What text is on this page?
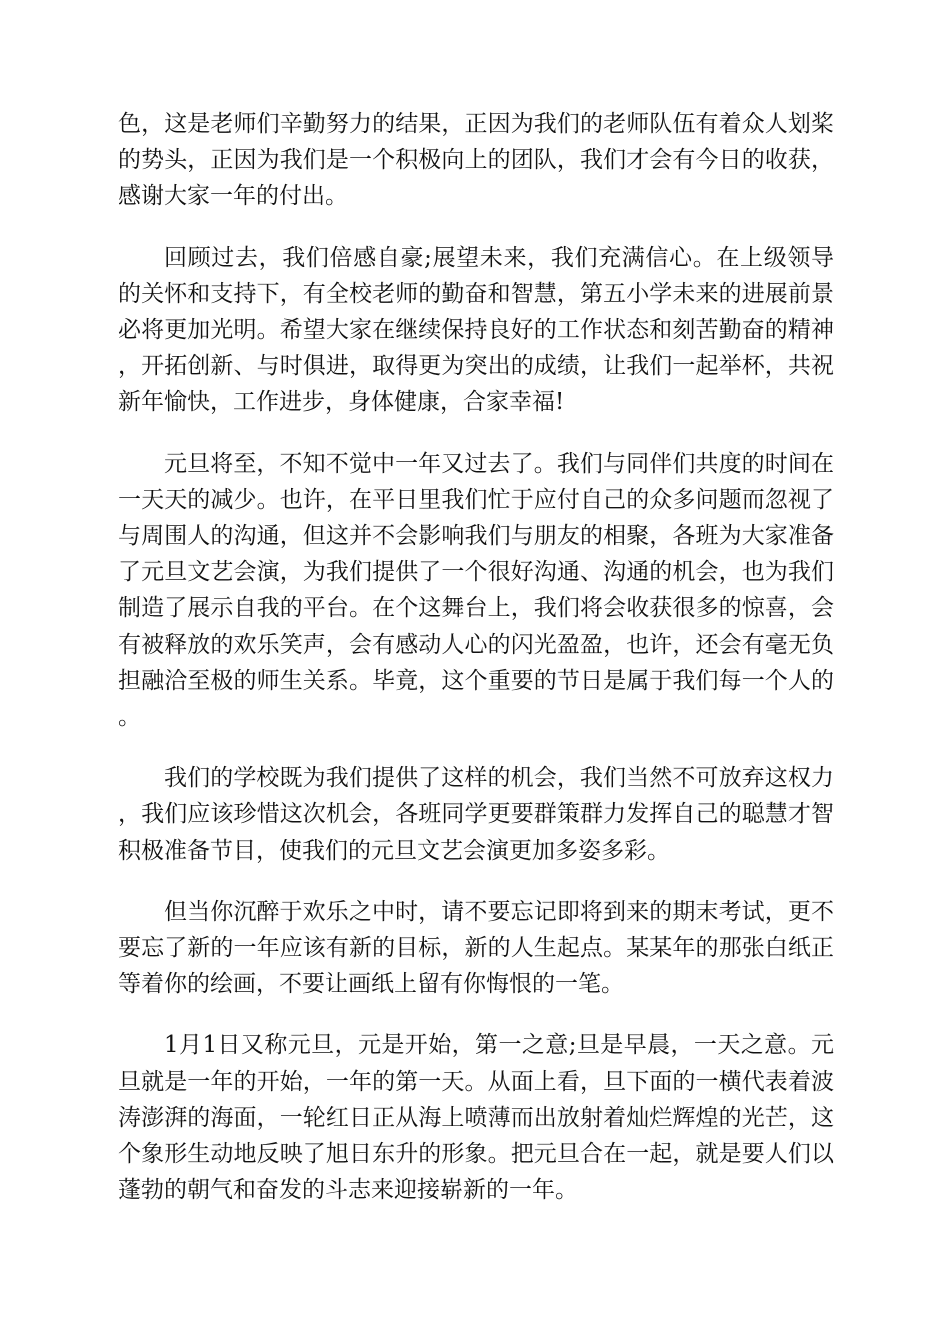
色，这是老师们辛勤努力的结果，正因为我们的老师队伍有着众人划桨的势头，正因为我们是一个积极向上的团队，我们才会有今日的收获，感谢大家一年的付出。

回顾过去，我们倍感自豪;展望未来，我们充满信心。在上级领导的关怀和支持下，有全校老师的勤奋和智慧，第五小学未来的进展前景必将更加光明。希望大家在继续保持良好的工作状态和刻苦勤奋的精神，开拓创新、与时俱进，取得更为突出的成绩，让我们一起举杯，共祝新年愉快，工作进步，身体健康，合家幸福!

元旦将至，不知不觉中一年又过去了。我们与同伴们共度的时间在一天天的减少。也许，在平日里我们忙于应付自己的众多问题而忽视了与周围人的沟通，但这并不会影响我们与朋友的相聚，各班为大家准备了元旦文艺会演，为我们提供了一个很好沟通、沟通的机会，也为我们制造了展示自我的平台。在个这舞台上，我们将会收获很多的惊喜，会有被释放的欢乐笑声，会有感动人心的闪光盈盈，也许，还会有毫无负担融洽至极的师生关系。毕竟，这个重要的节日是属于我们每一个人的。

我们的学校既为我们提供了这样的机会，我们当然不可放弃这权力，我们应该珍惜这次机会，各班同学更要群策群力发挥自己的聪慧才智积极准备节目，使我们的元旦文艺会演更加多姿多彩。

但当你沉醉于欢乐之中时，请不要忘记即将到来的期末考试，更不要忘了新的一年应该有新的目标，新的人生起点。某某年的那张白纸正等着你的绘画，不要让画纸上留有你悔恨的一笔。

1月1日又称元旦，元是开始，第一之意;旦是早晨，一天之意。元旦就是一年的开始，一年的第一天。从面上看，旦下面的一横代表着波涛澎湃的海面，一轮红日正从海上喷薄而出放射着灿烂辉煌的光芒，这个象形生动地反映了旭日东升的形象。把元旦合在一起，就是要人们以蓬勃的朝气和奋发的斗志来迎接崭新的一年。
